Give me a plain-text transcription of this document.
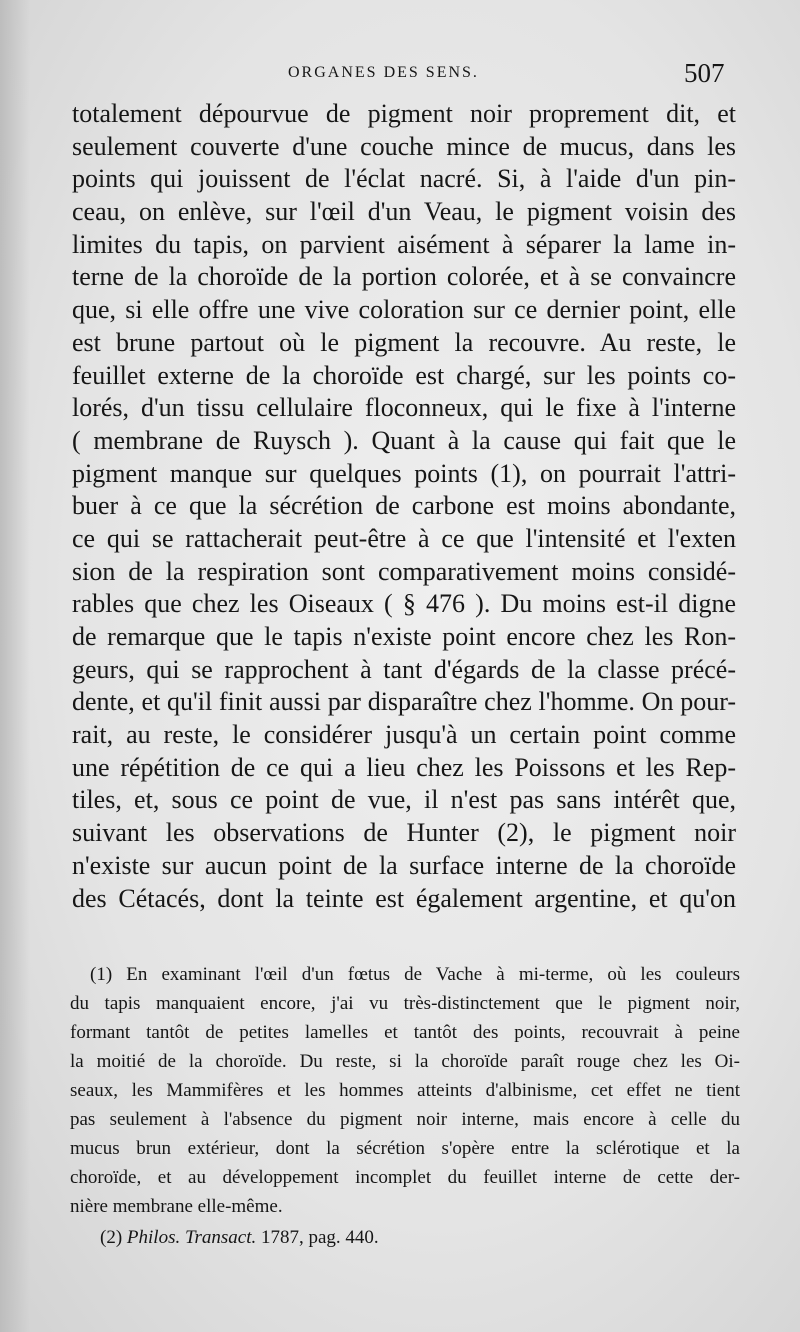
ORGANES DES SENS.	507
totalement dépourvue de pigment noir proprement dit, et
seulement couverte d'une couche mince de mucus, dans les
points qui jouissent de l'éclat nacré. Si, à l'aide d'un pin-
ceau, on enlève, sur l'œil d'un Veau, le pigment voisin des
limites du tapis, on parvient aisément à séparer la lame in-
terne de la choroïde de la portion colorée, et à se convaincre
que, si elle offre une vive coloration sur ce dernier point, elle
est brune partout où le pigment la recouvre. Au reste, le
feuillet externe de la choroïde est chargé, sur les points co-
lorés, d'un tissu cellulaire floconneux, qui le fixe à l'interne
( membrane de Ruysch ). Quant à la cause qui fait que le
pigment manque sur quelques points (1), on pourrait l'attri-
buer à ce que la sécrétion de carbone est moins abondante,
ce qui se rattacherait peut-être à ce que l'intensité et l'exten
sion de la respiration sont comparativement moins considé-
rables que chez les Oiseaux ( § 476 ). Du moins est-il digne
de remarque que le tapis n'existe point encore chez les Ron-
geurs, qui se rapprochent à tant d'égards de la classe précé-
dente, et qu'il finit aussi par disparaître chez l'homme. On pour-
rait, au reste, le considérer jusqu'à un certain point comme
une répétition de ce qui a lieu chez les Poissons et les Rep-
tiles, et, sous ce point de vue, il n'est pas sans intérêt que,
suivant les observations de Hunter (2), le pigment noir
n'existe sur aucun point de la surface interne de la choroïde
des Cétacés, dont la teinte est également argentine, et qu'on
(1) En examinant l'œil d'un fœtus de Vache à mi-terme, où les couleurs
du tapis manquaient encore, j'ai vu très-distinctement que le pigment noir,
formant tantôt de petites lamelles et tantôt des points, recouvrait à peine
la moitié de la choroïde. Du reste, si la choroïde paraît rouge chez les Oi-
seaux, les Mammifères et les hommes atteints d'albinisme, cet effet ne tient
pas seulement à l'absence du pigment noir interne, mais encore à celle du
mucus brun extérieur, dont la sécrétion s'opère entre la sclérotique et la
choroïde, et au développement incomplet du feuillet interne de cette der-
nière membrane elle-même.
(2) Philos. Transact. 1787, pag. 440.
